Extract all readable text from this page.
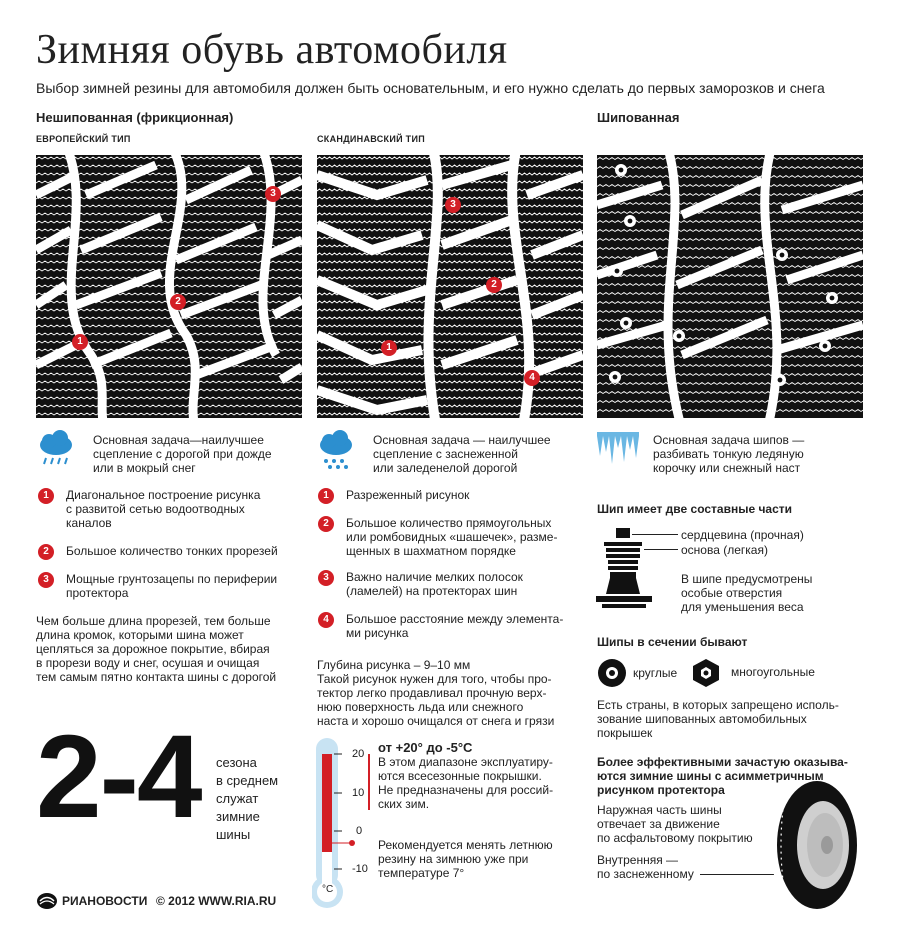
Зимняя обувь автомобиля
Выбор зимней резины для автомобиля должен быть основательным, и его нужно сделать до первых заморозков и снега
Нешипованная (фрикционная)
ЕВРОПЕЙСКИЙ ТИП	СКАНДИНАВСКИЙ ТИП
Шипованная
1
2
3
1
2
3
4
Основная задача—наилучшее
сцепление с дорогой при дожде
или в мокрый снег
Основная задача — наилучшее
сцепление с заснеженной
или заледенелой дорогой
Основная задача шипов —
разбивать тонкую ледяную
корочку или снежный наст
1	Диагональное построение рисунка
с развитой сетью водоотводных
каналов
2	Большое количество тонких прорезей
3	Мощные грунтозацепы по периферии
протектора
Чем больше длина прорезей, тем больше
длина кромок, которыми шина может
цепляться за дорожное покрытие, вбирая
в прорези воду и снег, осушая и очищая
тем самым пятно контакта шины с дорогой
1	Разреженный рисунок
2	Большое количество прямоугольных
или ромбовидных «шашечек», разме-
щенных в шахматном порядке
3	Важно наличие мелких полосок
(ламелей) на протекторах шин
4	Большое расстояние между элемента-
ми рисунка
Глубина рисунка – 9–10 мм
Такой рисунок нужен для того, чтобы про-
тектор легко продавливал прочную верх-
нюю поверхность льда или снежного
наста и хорошо очищался от снега и грязи
2-4 сезона
в среднем
служат
зимние
шины
°C
20
10
0
-10
от +20° до -5°C
В этом диапазоне эксплуатиру-
ются всесезонные покрышки.
Не предназначены для россий-
ских зим.
Рекомендуется менять летнюю
резину на зимнюю уже при
температуре 7°
Шип имеет две составные части
сердцевина (прочная)
основа (легкая)
В шипе предусмотрены
особые отверстия
для уменьшения веса
Шипы в сечении бывают
круглые	многоугольные
Есть страны, в которых запрещено исполь-
зование шипованных автомобильных
покрышек
Более эффективными зачастую оказыва-
ются зимние шины с асимметричным
рисунком протектора
Наружная часть шины
отвечает за движение
по асфальтовому покрытию
Внутренняя —
по заснеженному
РИАНОВОСТИ © 2012 WWW.RIA.RU
